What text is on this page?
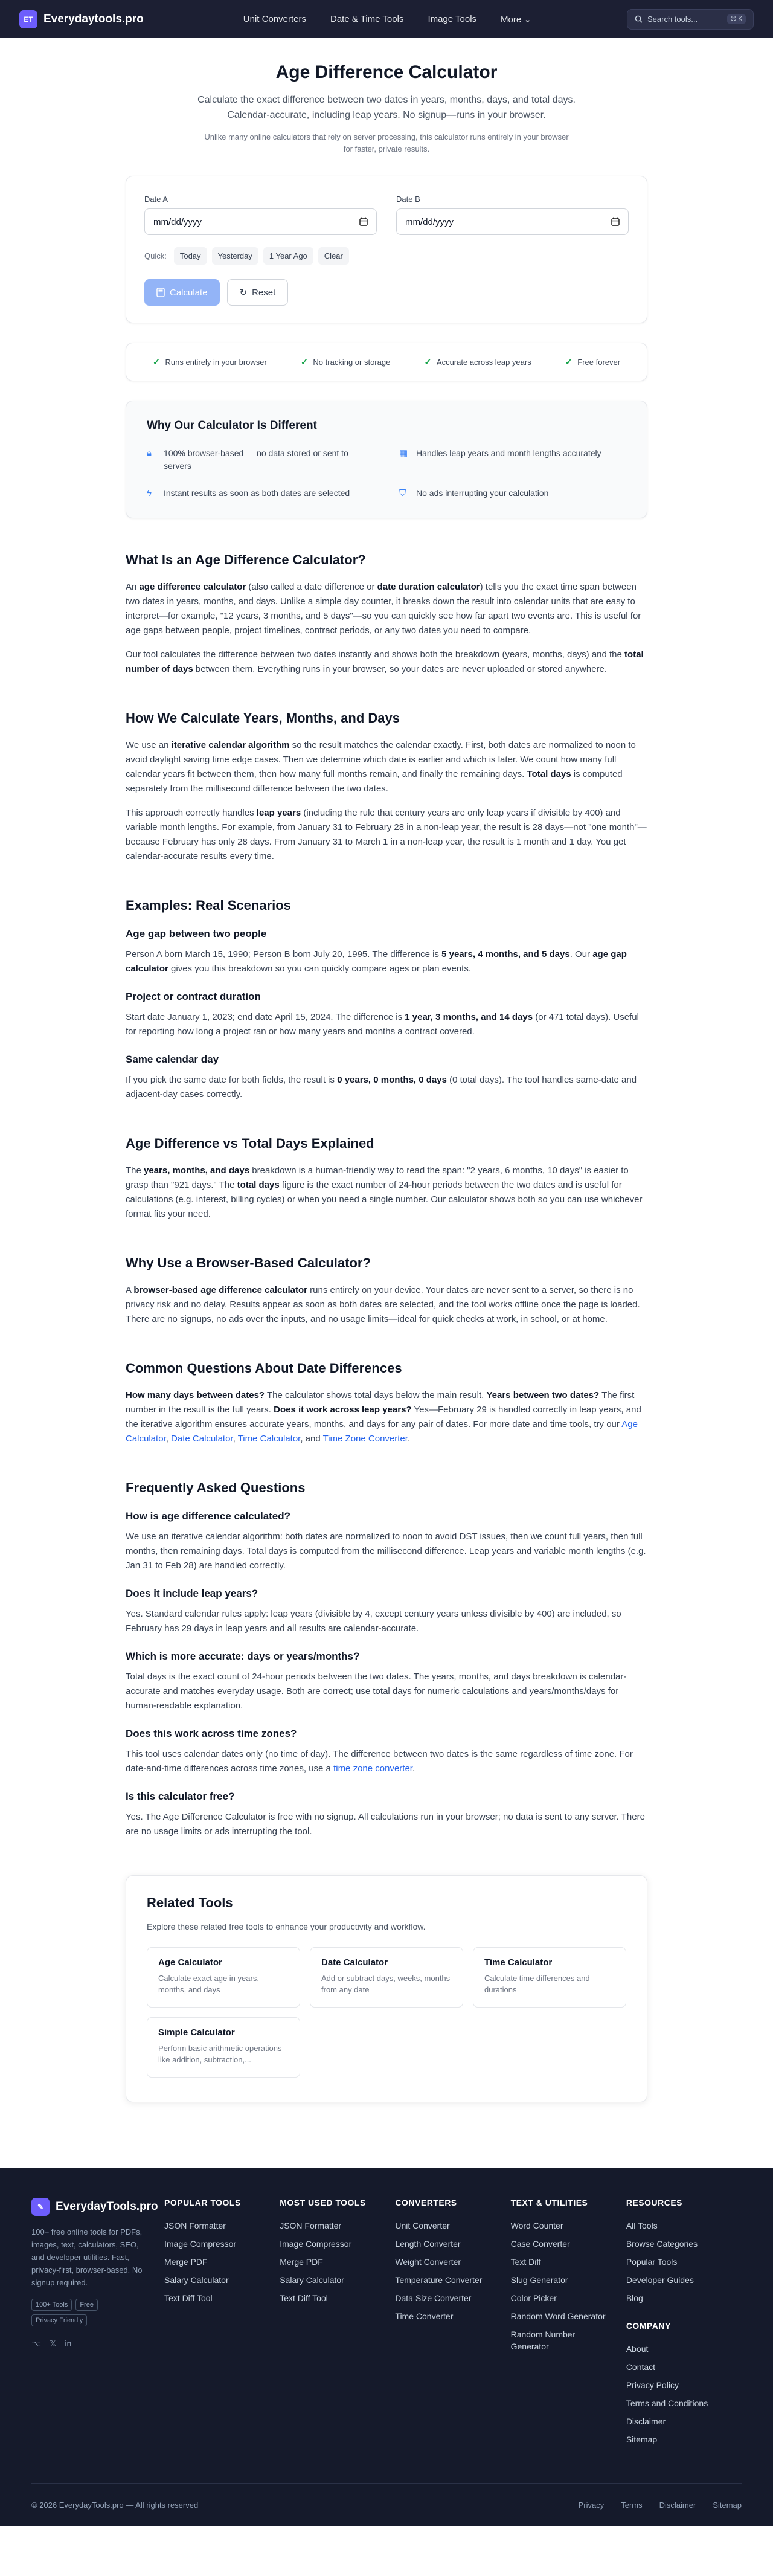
ET Everydaytools.pro	Unit Converters	Date & Time Tools	Image Tools	More ⌄	Search tools...	⌘ K
Age Difference Calculator
Calculate the exact difference between two dates in years, months, days, and total days. Calendar-accurate, including leap years. No signup—runs in your browser.
Unlike many online calculators that rely on server processing, this calculator runs entirely in your browser for faster, private results.
Date A
mm/dd/yyyy
Date B
mm/dd/yyyy
Quick:	Today	Yesterday	1 Year Ago	Clear
Calculate	↻ Reset
✓ Runs entirely in your browser	✓ No tracking or storage	✓ Accurate across leap years	✓ Free forever
Why Our Calculator Is Different
🔒︎	100% browser-based — no data stored or sent to servers
▦ Handles leap years and month lengths accurately
ϟ	Instant results as soon as both dates are selected	⛉	No ads interrupting your calculation
What Is an Age Difference Calculator?

An age difference calculator (also called a date difference or date duration calculator) tells you the exact time span between two dates in years, months, and days. Unlike a simple day counter, it breaks down the result into calendar units that are easy to interpret—for example, "12 years, 3 months, and 5 days"—so you can quickly see how far apart two events are. This is useful for age gaps between people, project timelines, contract periods, or any two dates you need to compare.

Our tool calculates the difference between two dates instantly and shows both the breakdown (years, months, days) and the total number of days between them. Everything runs in your browser, so your dates are never uploaded or stored anywhere.

How We Calculate Years, Months, and Days

We use an iterative calendar algorithm so the result matches the calendar exactly. First, both dates are normalized to noon to avoid daylight saving time edge cases. Then we determine which date is earlier and which is later. We count how many full calendar years fit between them, then how many full months remain, and finally the remaining days. Total days is computed separately from the millisecond difference between the two dates.

This approach correctly handles leap years (including the rule that century years are only leap years if divisible by 400) and variable month lengths. For example, from January 31 to February 28 in a non-leap year, the result is 28 days—not "one month"—because February has only 28 days. From January 31 to March 1 in a non-leap year, the result is 1 month and 1 day. You get calendar-accurate results every time.

Examples: Real Scenarios
Age gap between two people

Person A born March 15, 1990; Person B born July 20, 1995. The difference is 5 years, 4 months, and 5 days. Our age gap calculator gives you this breakdown so you can quickly compare ages or plan events.

Project or contract duration

Start date January 1, 2023; end date April 15, 2024. The difference is 1 year, 3 months, and 14 days (or 471 total days). Useful for reporting how long a project ran or how many years and months a contract covered.

Same calendar day

If you pick the same date for both fields, the result is 0 years, 0 months, 0 days (0 total days). The tool handles same-date and adjacent-day cases correctly.

Age Difference vs Total Days Explained

The years, months, and days breakdown is a human-friendly way to read the span: "2 years, 6 months, 10 days" is easier to grasp than "921 days." The total days figure is the exact number of 24-hour periods between the two dates and is useful for calculations (e.g. interest, billing cycles) or when you need a single number. Our calculator shows both so you can use whichever format fits your need.

Why Use a Browser-Based Calculator?

A browser-based age difference calculator runs entirely on your device. Your dates are never sent to a server, so there is no privacy risk and no delay. Results appear as soon as both dates are selected, and the tool works offline once the page is loaded. There are no signups, no ads over the inputs, and no usage limits—ideal for quick checks at work, in school, or at home.

Common Questions About Date Differences

How many days between dates? The calculator shows total days below the main result. Years between two dates? The first number in the result is the full years. Does it work across leap years? Yes—February 29 is handled correctly in leap years, and the iterative algorithm ensures accurate years, months, and days for any pair of dates. For more date and time tools, try our Age Calculator, Date Calculator, Time Calculator, and Time Zone Converter.

Frequently Asked Questions
How is age difference calculated?

We use an iterative calendar algorithm: both dates are normalized to noon to avoid DST issues, then we count full years, then full months, then remaining days. Total days is computed from the millisecond difference. Leap years and variable month lengths (e.g. Jan 31 to Feb 28) are handled correctly.

Does it include leap years?

Yes. Standard calendar rules apply: leap years (divisible by 4, except century years unless divisible by 400) are included, so February has 29 days in leap years and all results are calendar-accurate.

Which is more accurate: days or years/months?

Total days is the exact count of 24-hour periods between the two dates. The years, months, and days breakdown is calendar-accurate and matches everyday usage. Both are correct; use total days for numeric calculations and years/months/days for human-readable explanation.

Does this work across time zones?

This tool uses calendar dates only (no time of day). The difference between two dates is the same regardless of time zone. For date-and-time differences across time zones, use a time zone converter.

Is this calculator free?

Yes. The Age Difference Calculator is free with no signup. All calculations run in your browser; no data is sent to any server. There are no usage limits or ads interrupting the tool.

Related Tools
Explore these related free tools to enhance your productivity and workflow.
Age Calculator
Calculate exact age in years, months, and days
Date Calculator
Add or subtract days, weeks, months from any date
Time Calculator
Calculate time differences and durations
Simple Calculator
Perform basic arithmetic operations like addition, subtraction,...
✎	EverydayTools.pro
100+ free online tools for PDFs, images, text, calculators, SEO, and developer utilities. Fast, privacy-first, browser-based. No signup required.
100+ Tools	Free
Privacy Friendly
⌥ 𝕏 in
POPULAR TOOLS
JSON Formatter
Image Compressor
Merge PDF
Salary Calculator
Text Diff Tool
MOST USED TOOLS
JSON Formatter
Image Compressor
Merge PDF
Salary Calculator
Text Diff Tool
CONVERTERS
Unit Converter
Length Converter
Weight Converter
Temperature Converter
Data Size Converter
Time Converter
TEXT & UTILITIES
Word Counter
Case Converter
Text Diff
Slug Generator
Color Picker
Random Word Generator
Random Number Generator
RESOURCES
All Tools
Browse Categories
Popular Tools
Developer Guides
Blog
COMPANY
About
Contact
Privacy Policy
Terms and Conditions
Disclaimer
Sitemap
© 2026 EverydayTools.pro — All rights reserved	Privacy Terms Disclaimer Sitemap
